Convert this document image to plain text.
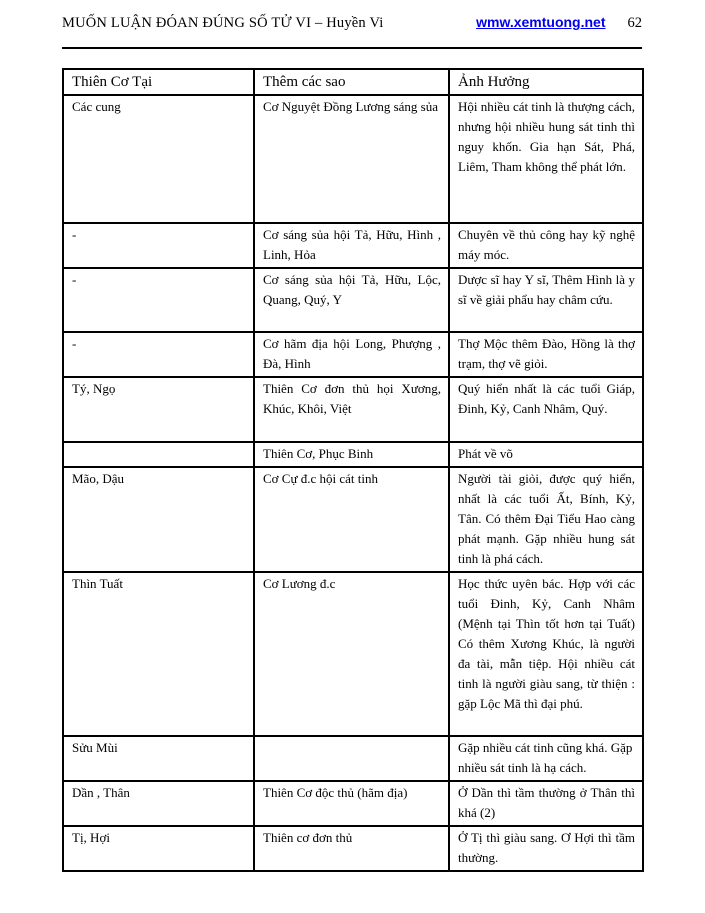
MUỐN LUẬN ĐÓAN ĐÚNG SỐ TỬ VI – Huyền Vi	wmw.xemtuong.net 62
Thiên Cơ Tại	Thêm các sao	Ảnh Hưởng
Các cung	Cơ Nguyệt Đồng Lương sáng sủa	Hội nhiều cát tinh là thượng cách, nhưng hội nhiều hung sát tinh thì nguy khốn. Gia hạn Sát, Phá, Liêm, Tham không thể phát lớn.
-	Cơ sáng sủa hội Tả, Hữu, Hình , Linh, Hỏa	Chuyên về thủ công hay kỹ nghệ máy móc.
-	Cơ sáng sủa hội Tả, Hữu, Lộc, Quang, Quý, Y	Dược sĩ hay Y sĩ, Thêm Hình là y sĩ về giải phẩu hay châm cứu.
-	Cơ hãm địa hội Long, Phượng , Đà, Hình	Thợ Mộc thêm Đào, Hồng là thợ trạm, thợ vẽ giỏi.
Tý, Ngọ	Thiên Cơ đơn thủ họi Xương, Khúc, Khôi, Việt	Quý hiển nhất là các tuổi Giáp, Đinh, Kỷ, Canh Nhâm, Quý.
	Thiên Cơ, Phục Binh	Phát về võ
Mão, Dậu	Cơ Cự đ.c hội cát tinh	Người tài giỏi, được quý hiển, nhất là các tuổi Ất, Bính, Kỷ, Tân. Có thêm Đại Tiểu Hao càng phát mạnh. Gặp nhiều hung sát tinh là phá cách.
Thìn Tuất	Cơ Lương đ.c	Học thức uyên bác. Hợp với các tuổi Đinh, Kỷ, Canh Nhâm (Mệnh tại Thìn tốt hơn tại Tuất) Có thêm Xương Khúc, là người đa tài, mẫn tiệp. Hội nhiều cát tinh là người giàu sang, từ thiện : gặp Lộc Mã thì đại phú.
Sửu Mùi		Gặp nhiều cát tinh cũng khá. Gặp nhiều sát tinh là hạ cách.
Dần , Thân	Thiên Cơ độc thủ (hãm địa)	Ở Dần thì tầm thường ở Thân thì khá (2)
Tị, Hợi	Thiên cơ đơn thủ	Ở Tị thì giàu sang. Ơ Hợi thì tầm thường.
